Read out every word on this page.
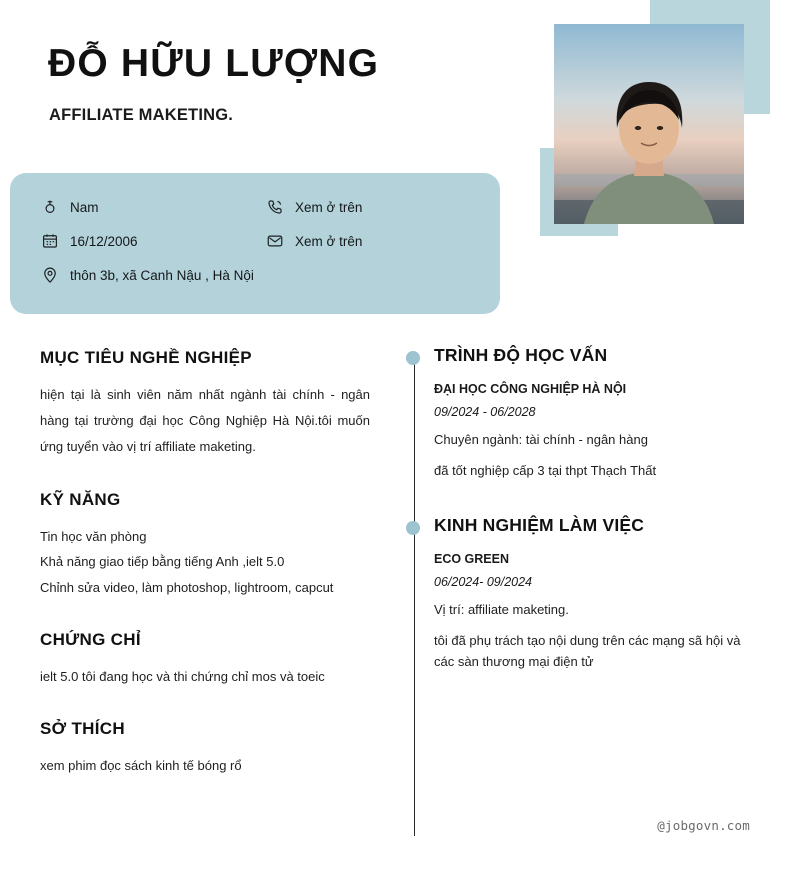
ĐỖ HỮU LƯỢNG
AFFILIATE MAKETING.
Nam
16/12/2006
thôn 3b, xã Canh Nậu , Hà Nội
Xem ở trên
Xem ở trên
MỤC TIÊU NGHỀ NGHIỆP
hiện tại là sinh viên năm nhất ngành tài chính - ngân hàng tại trường đại học Công Nghiệp Hà Nội.tôi muốn ứng tuyển vào vị trí affiliate maketing.
KỸ NĂNG
Tin học văn phòng
Khả năng giao tiếp bằng tiếng Anh ,ielt 5.0
Chỉnh sửa video, làm photoshop, lightroom, capcut
CHỨNG CHỈ
ielt 5.0 tôi đang học và thi chứng chỉ mos và toeic
SỞ THÍCH
xem phim đọc sách kinh tế bóng rổ
TRÌNH ĐỘ HỌC VẤN
ĐẠI HỌC CÔNG NGHIỆP HÀ NỘI
09/2024 - 06/2028
Chuyên ngành: tài chính - ngân hàng
đã tốt nghiệp cấp 3 tại thpt Thạch Thất
KINH NGHIỆM LÀM VIỆC
ECO GREEN
06/2024- 09/2024
Vị trí: affiliate maketing.
tôi đã phụ trách tạo nội dung trên các mạng sã hội và các sàn thương mại điện tử
@jobgovn.com
